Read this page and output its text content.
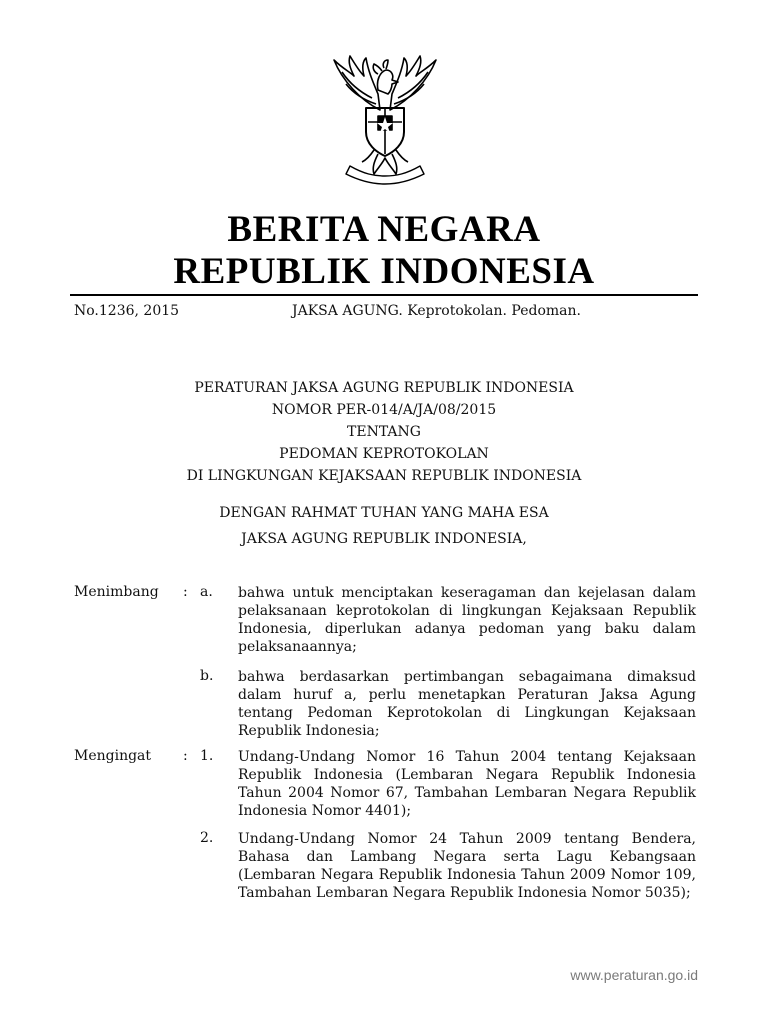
BERITA NEGARA
REPUBLIK INDONESIA
No.1236, 2015	JAKSA AGUNG. Keprotokolan. Pedoman.
PERATURAN JAKSA AGUNG REPUBLIK INDONESIA
NOMOR PER-014/A/JA/08/2015
TENTANG
PEDOMAN KEPROTOKOLAN
DI LINGKUNGAN KEJAKSAAN REPUBLIK INDONESIA
DENGAN RAHMAT TUHAN YANG MAHA ESA
JAKSA AGUNG REPUBLIK INDONESIA,
Menimbang : a. bahwa untuk menciptakan keseragaman dan kejelasan dalam pelaksanaan keprotokolan di lingkungan Kejaksaan Republik Indonesia, diperlukan adanya pedoman yang baku dalam pelaksanaannya;
b. bahwa berdasarkan pertimbangan sebagaimana dimaksud dalam huruf a, perlu menetapkan Peraturan Jaksa Agung tentang Pedoman Keprotokolan di Lingkungan Kejaksaan Republik Indonesia;
Mengingat : 1. Undang-Undang Nomor 16 Tahun 2004 tentang Kejaksaan Republik Indonesia (Lembaran Negara Republik Indonesia Tahun 2004 Nomor 67, Tambahan Lembaran Negara Republik Indonesia Nomor 4401);
2. Undang-Undang Nomor 24 Tahun 2009 tentang Bendera, Bahasa dan Lambang Negara serta Lagu Kebangsaan (Lembaran Negara Republik Indonesia Tahun 2009 Nomor 109, Tambahan Lembaran Negara Republik Indonesia Nomor 5035);
www.peraturan.go.id
